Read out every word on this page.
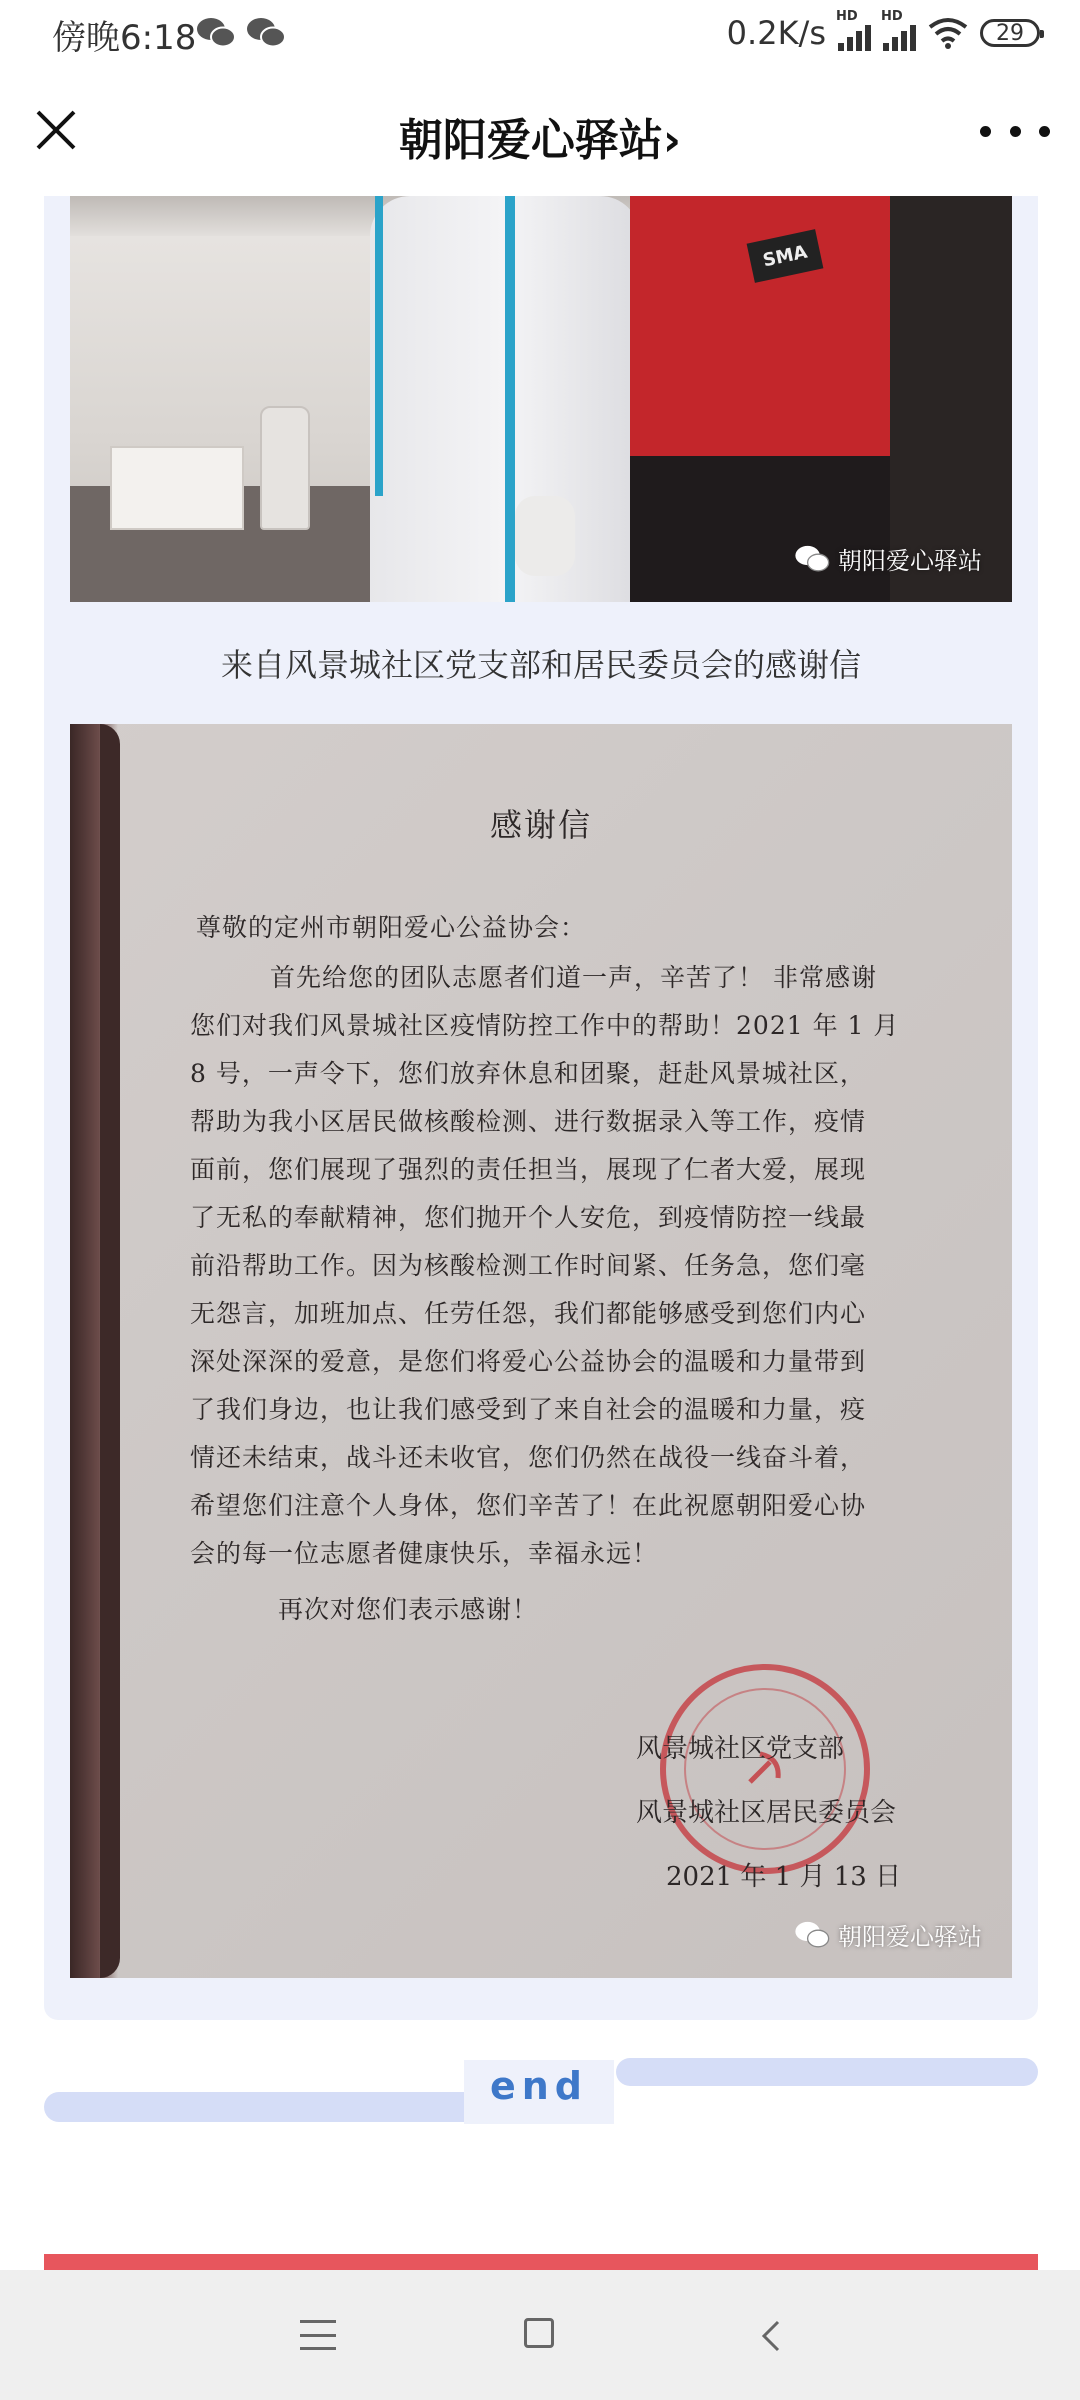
傍晚6:18	0.2K/s HD HD
29
朝阳爱心驿站›
SMA
朝阳爱心驿站
来自风景城社区党支部和居民委员会的感谢信
感谢信
尊敬的定州市朝阳爱心公益协会：
首先给您的团队志愿者们道一声，辛苦了！ 非常感谢
您们对我们风景城社区疫情防控工作中的帮助！2021 年 1 月
8 号，一声令下，您们放弃休息和团聚，赶赴风景城社区，
帮助为我小区居民做核酸检测、进行数据录入等工作，疫情
面前，您们展现了强烈的责任担当，展现了仁者大爱，展现
了无私的奉献精神，您们抛开个人安危，到疫情防控一线最
前沿帮助工作。因为核酸检测工作时间紧、任务急，您们毫
无怨言，加班加点、任劳任怨，我们都能够感受到您们内心
深处深深的爱意，是您们将爱心公益协会的温暖和力量带到
了我们身边，也让我们感受到了来自社会的温暖和力量，疫
情还未结束，战斗还未收官，您们仍然在战役一线奋斗着，
希望您们注意个人身体，您们辛苦了！在此祝愿朝阳爱心协
会的每一位志愿者健康快乐，幸福永远！
再次对您们表示感谢！
风景城社区党支部
风景城社区居民委员会
2021 年 1 月 13 日
朝阳爱心驿站
end
